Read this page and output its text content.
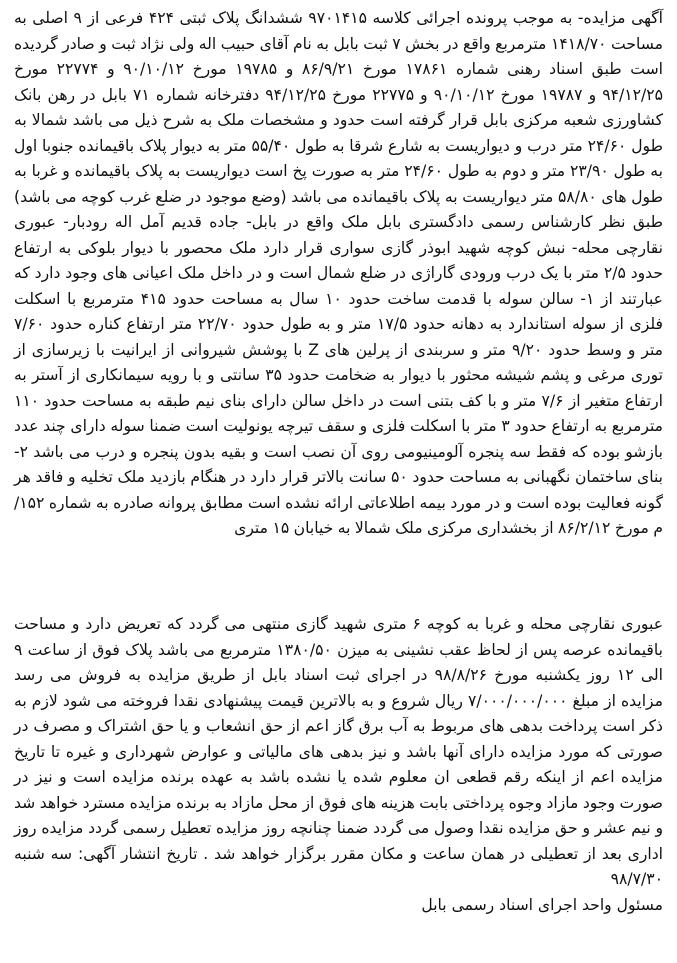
آگهی مزایده- به موجب پرونده اجرائی کلاسه ۹۷۰۱۴۱۵ ششدانگ پلاک ثبتی ۴۲۴ فرعی از ۹ اصلی به مساحت ۱۴۱۸/۷۰ مترمربع واقع در بخش ۷ ثبت بابل به نام آقای حبیب اله ولی نژاد ثبت و صادر گردیده است طبق اسناد رهنی شماره ۱۷۸۶۱ مورخ ۸۶/۹/۲۱ و ۱۹۷۸۵ مورخ ۹۰/۱۰/۱۲ و ۲۲۷۷۴ مورخ ۹۴/۱۲/۲۵ و ۱۹۷۸۷ مورخ ۹۰/۱۰/۱۲ و ۲۲۷۷۵ مورخ ۹۴/۱۲/۲۵ دفترخانه شماره ۷۱ بابل در رهن بانک کشاورزی شعبه مرکزی بابل قرار گرفته است حدود و مشخصات ملک به شرح ذیل می باشد شمالا به طول ۲۴/۶۰ متر درب و دیواریست به شارع شرقا به طول ۵۵/۴۰ متر به دیوار پلاک باقیمانده جنوبا اول به طول ۲۳/۹۰ متر و دوم به طول ۲۴/۶۰ متر به صورت پخ است دیواریست به پلاک باقیمانده و غربا به طول های ۵۸/۸۰ متر دیواریست به پلاک باقیمانده می باشد (وضع موجود در ضلع غرب کوچه می باشد) طبق نظر کارشناس رسمی دادگستری بابل ملک واقع در بابل- جاده قدیم آمل اله رودبار- عبوری نقارچی محله- نبش کوچه شهید ابوذر گازی سواری قرار دارد ملک محصور با دیوار بلوکی به ارتفاع حدود ۲/۵ متر با یک درب ورودی گاراژی در ضلع شمال است و در داخل ملک اعیانی های وجود دارد که عبارتند از ۱- سالن سوله با قدمت ساخت حدود ۱۰ سال به مساحت حدود ۴۱۵ مترمربع با اسکلت فلزی از سوله استاندارد به دهانه حدود ۱۷/۵ متر و به طول حدود ۲۲/۷۰ متر ارتفاع کناره حدود ۷/۶۰ متر و وسط حدود ۹/۲۰ متر و سربندی از پرلین های Z با پوشش شیروانی از ایرانیت با زیرسازی از توری مرغی و پشم شیشه محثور با دیوار به ضخامت حدود ۳۵ سانتی و با رویه سیمانکاری از آستر به ارتفاع متغیر از ۷/۶ متر و با کف بتنی است در داخل سالن دارای بنای نیم طبقه به مساحت حدود ۱۱۰ مترمربع به ارتفاع حدود ۳ متر با اسکلت فلزی و سقف تیرچه یونولیت است ضمنا سوله دارای چند عدد بازشو بوده که فقط سه پنجره آلومینیومی روی آن نصب است و بقیه بدون پنجره و درب می باشد ۲- بنای ساختمان نگهبانی به مساحت حدود ۵۰ سانت بالاتر قرار دارد در هنگام بازدید ملک تخلیه و فاقد هر گونه فعالیت بوده است و در مورد بیمه اطلاعاتی ارائه نشده است مطابق پروانه صادره به شماره ۱۵۲/م مورخ ۸۶/۲/۱۲ از بخشداری مرکزی ملک شمالا به خیابان ۱۵ متری

عبوری نقارچی محله و غربا به کوچه ۶ متری شهید گازی منتهی می گردد که تعریض دارد و مساحت باقیمانده عرصه پس از لحاظ عقب نشینی به میزن ۱۳۸۰/۵۰ مترمربع می باشد پلاک فوق از ساعت ۹ الی ۱۲ روز یکشنبه مورخ ۹۸/۸/۲۶ در اجرای ثبت اسناد بابل از طریق مزایده به فروش می رسد مزایده از مبلغ ۷/۰۰۰/۰۰۰/۰۰۰ ریال شروع و به بالاترین قیمت پیشنهادی نقدا فروخته می شود لازم به ذکر است پرداخت بدهی های مربوط به آب برق گاز اعم از حق انشعاب و یا حق اشتراک و مصرف در صورتی که مورد مزایده دارای آنها باشد و نیز بدهی های مالیاتی و عوارض شهرداری و غیره تا تاریخ مزایده اعم از اینکه رقم قطعی ان معلوم شده یا نشده باشد به عهده برنده مزایده است و نیز در صورت وجود مازاد وجوه پرداختی بابت هزینه های فوق از محل مازاد به برنده مزایده مسترد خواهد شد و نیم عشر و حق مزایده نقدا وصول می گردد ضمنا چنانچه روز مزایده تعطیل رسمی گردد مزایده روز اداری بعد از تعطیلی در همان ساعت و مکان مقرر برگزار خواهد شد . تاریخ انتشار آگهی: سه شنبه ۹۸/۷/۳۰

مسئول واحد اجرای اسناد رسمی بابل
